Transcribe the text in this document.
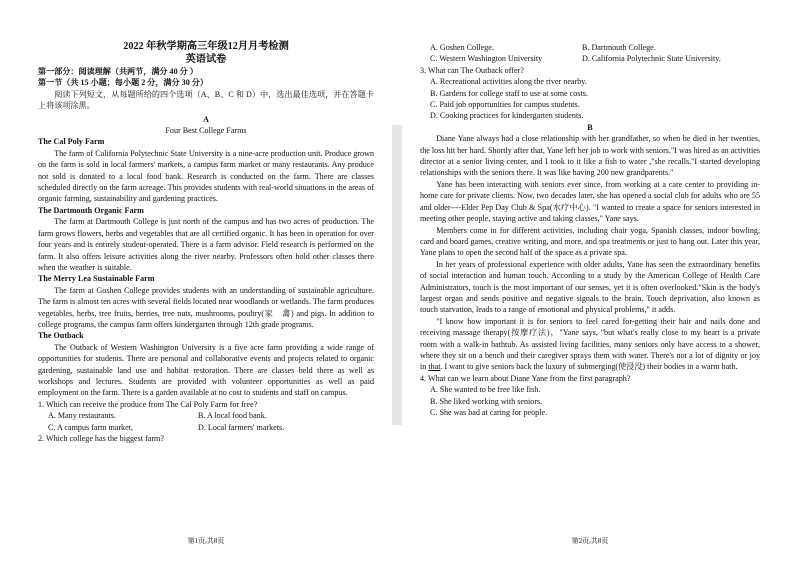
2022 年秋学期高三年级12月月考检测
英语试卷
第一部分：阅读理解（共两节，满分 40 分 ）
第一节（共 15 小题；每小题 2 分，满分 30 分）

阅读下列短文，从每题所给的四个选项（A、B、C 和 D）中，选出最佳选项，并在答题卡上将该项涂黑。

A
Four Best College Farms
The Cal Poly Farm

The farm of California Polytechnic State University is a nine-acre production unit. Produce grown on the farm is sold in local farmers' markets, a campus farm market or many restaurants. Any produce not sold is donated to a local food bank. Research is conducted on the farm. There are classes scheduled directly on the farm acreage. This provides students with real-world situations in the areas of organic farming, sustainability and gardening practices.

The Dartmouth Organic Farm

The farm at Dartmouth College is just north of the campus and has two acres of production. The farm grows flowers, herbs and vegetables that are all certified organic. It has been in operation for over four years and is entirely student-operated. There is a farm advisor. Field research is performed on the farm. It also offers leisure activities along the river nearby. Professors often hold other classes there when the weather is suitable.

The Merry Lea Sustainable Farm

The farm at Goshen College provides students with an understanding of sustainable agriculture. The farm is almost ten acres with several fields located near woodlands or wetlands. The farm produces vegetables, herbs, tree fruits, berries, tree nuts, mushrooms, poultry(家　禽) and pigs. In addition to college programs, the campus farm offers kindergarten through 12th grade programs.

The Outback

The Outback of Western Washington University is a five acre farm providing a wide range of opportunities for students. There are personal and collaborative events and projects related to organic gardening, sustainable land use and habitat restoration. There are classes held there as well as workshops and lectures. Students are provided with volunteer opportunities as well as paid employment on the farm. There is a garden available at no cost to students and staff on campus.

1. Which can receive the produce from The Cal Poly Farm for free?
A. Many restaurants.	B. A local food bank.
C. A campus farm market,	D. Local farmers' markets.
2. Which college has the biggest farm?
第1页,共8页
A. Goshen College.	B. Dartmouth College.
C. Western Washington University	D. California Polytechnic State University.
3. What can The Outback offer?
A. Recreational activities along the river nearby.
B. Gardens for college staff to use at some costs.
C. Paid job opportunities for campus students.
D. Cooking practices for kindergarten students.
B

Diane Yane always had a close relationship with her grandfather, so when he died in her twenties, the loss hit her hard. Shortly after that, Yane left her job to work with seniors."I was hired as an activities director at a senior living center, and I took to it like a fish to water ,"she recalls."I started developing relationships with the seniors there. It was like having 200 new grandparents."

Yane has been interacting with seniors ever since, from working at a care center to providing in-home care for private clients. Now, two decades later, she has opened a social club for adults who are 55 and older----Elder Pep Day Club & Spa(水疗中心). "I wanted to create a space for seniors interested in meeting other people, staying active and taking classes," Yane says.

Members come in for different activities, including chair yoga, Spanish classes, indoor bowling, card and board games, creative writing, and more, and spa treatments or just to hang out. Later this year, Yane plans to open the second half of the space as a private spa.

In her years of professional experience with older adults, Yane has seen the extraordinary benefits of social interaction and human touch. According to a study by the American College of Health Care Administrators, touch is the most important of our senses, yet it is often overlooked."Skin is the body's largest organ and sends positive and negative signals to the brain. Touch deprivation, also known as touch starvation, leads to a range of emotional and physical problems," it adds.

"I know how important it is for seniors to feel cared for-getting their hair and nails done and receiving massage therapy(按摩疗法)，"Yane says, "but what's really close to my heart is a private room with a walk-in bathtub. As assisted living facilities, many seniors only have access to a shower, where they sit on a bench and their caregiver sprays them with water. There's not a lot of dignity or joy in that. I want to give seniors back the luxury of submerging(使浸没) their bodies in a warm bath.

4. What can we learn about Diane Yane from the first paragraph?
A. She wanted to be free like fish.
B. She liked working with seniors.
C. She was bad at caring for people.
第2页,共8页
